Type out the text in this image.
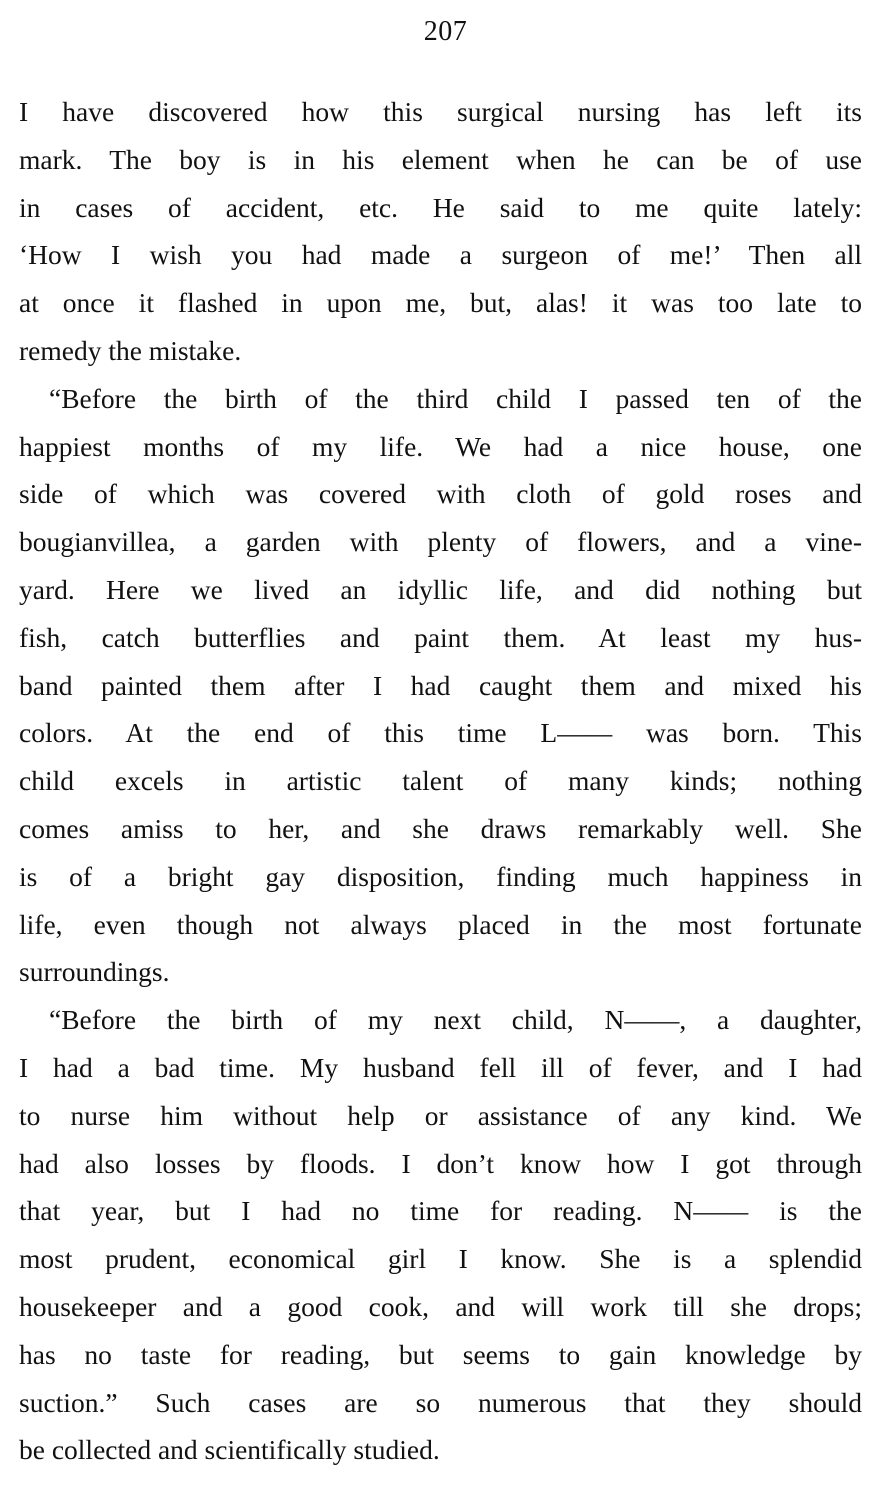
207
I have discovered how this surgical nursing has left its
mark. The boy is in his element when he can be of use
in cases of accident, etc. He said to me quite lately:
‘How I wish you had made a surgeon of me!’ Then all
at once it flashed in upon me, but, alas! it was too late to
remedy the mistake.
“Before the birth of the third child I passed ten of the
happiest months of my life. We had a nice house, one
side of which was covered with cloth of gold roses and
bougianvillea, a garden with plenty of flowers, and a vine-
yard. Here we lived an idyllic life, and did nothing but
fish, catch butterflies and paint them. At least my hus-
band painted them after I had caught them and mixed his
colors. At the end of this time L—— was born. This
child excels in artistic talent of many kinds; nothing
comes amiss to her, and she draws remarkably well. She
is of a bright gay disposition, finding much happiness in
life, even though not always placed in the most fortunate
surroundings.
“Before the birth of my next child, N——, a daughter,
I had a bad time. My husband fell ill of fever, and I had
to nurse him without help or assistance of any kind. We
had also losses by floods. I don’t know how I got through
that year, but I had no time for reading. N—— is the
most prudent, economical girl I know. She is a splendid
housekeeper and a good cook, and will work till she drops;
has no taste for reading, but seems to gain knowledge by
suction.” Such cases are so numerous that they should
be collected and scientifically studied.
